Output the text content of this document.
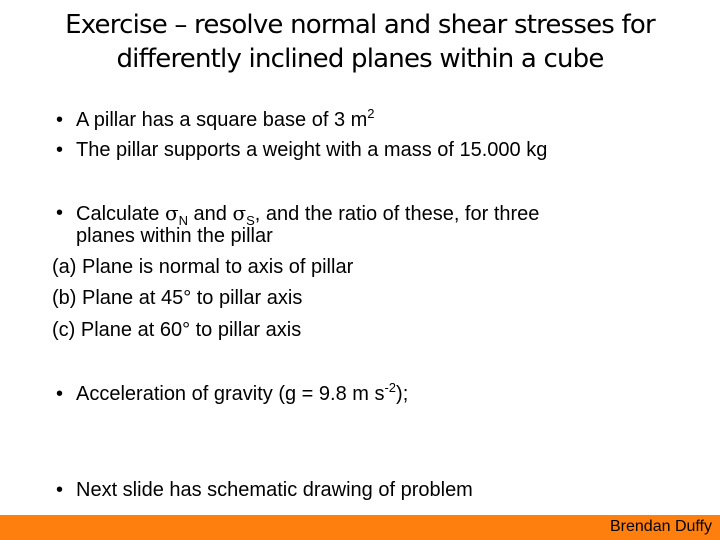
Exercise – resolve normal and shear stresses for
differently inclined planes within a cube
• A pillar has a square base of 3 $m^2$
• The pillar supports a weight with a mass of 15.000 kg
• Calculate $\sigma_N$ and $\sigma_S$, and the ratio of these, for three
planes within the pillar
(a) Plane is normal to axis of pillar
(b) Plane at 45° to pillar axis
(c) Plane at 60° to pillar axis
• Acceleration of gravity (g = 9.8 m $s^{-2}$);
• Next slide has schematic drawing of problem
Brendan Duffy
